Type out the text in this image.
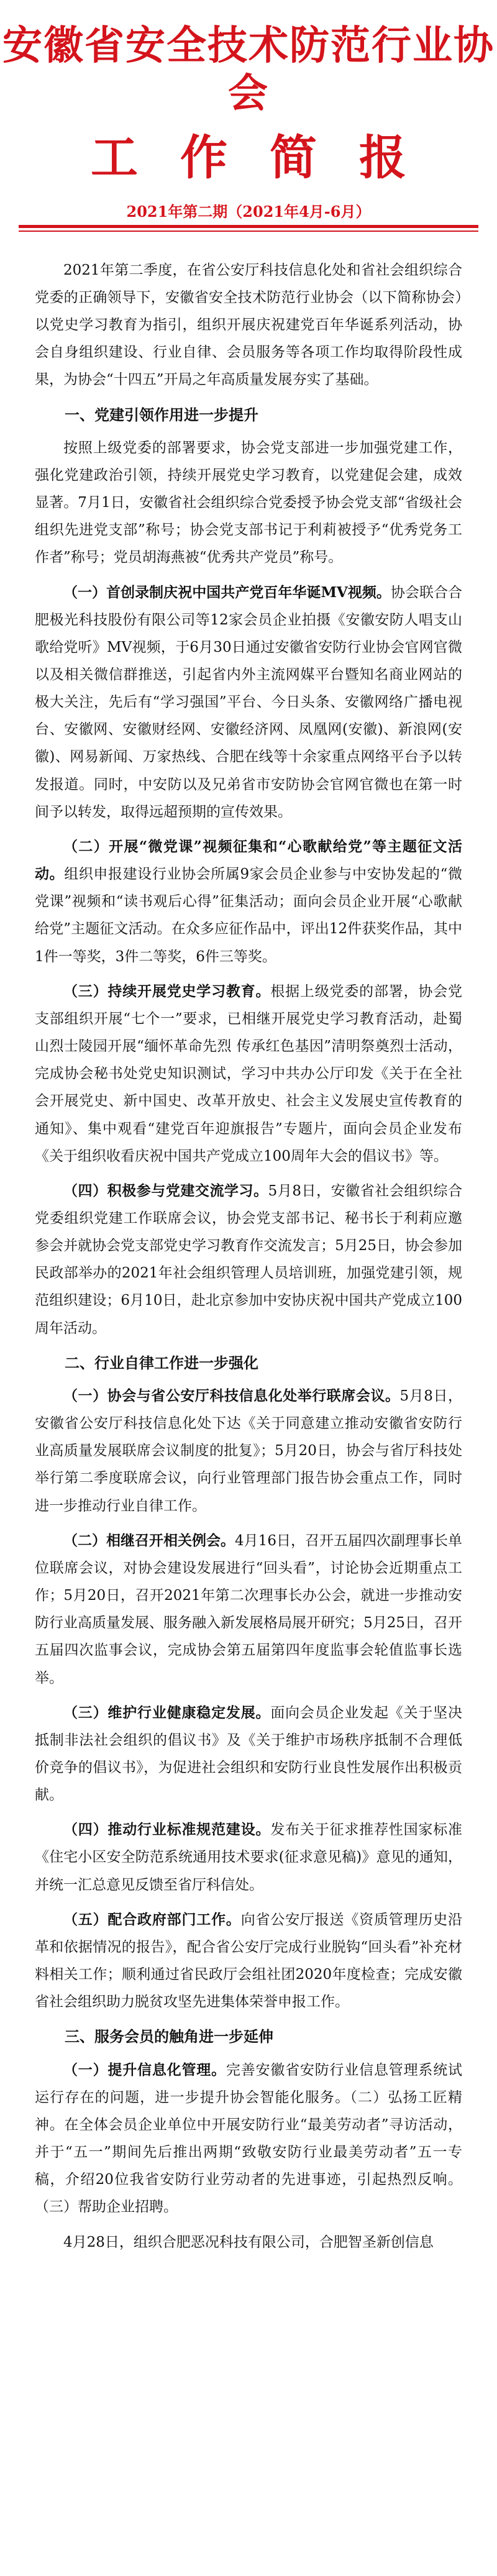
安徽省安全技术防范行业协会
工 作 简 报
2021年第二期（2021年4月-6月）

2021年第二季度，在省公安厅科技信息化处和省社会组织综合党委的正确领导下，安徽省安全技术防范行业协会（以下简称协会）以党史学习教育为指引，组织开展庆祝建党百年华诞系列活动，协会自身组织建设、行业自律、会员服务等各项工作均取得阶段性成果，为协会“十四五”开局之年高质量发展夯实了基础。

一、党建引领作用进一步提升

按照上级党委的部署要求，协会党支部进一步加强党建工作，强化党建政治引领，持续开展党史学习教育，以党建促会建，成效显著。7月1日，安徽省社会组织综合党委授予协会党支部“省级社会组织先进党支部”称号；协会党支部书记于利莉被授予“优秀党务工作者”称号；党员胡海燕被“优秀共产党员”称号。

（一）首创录制庆祝中国共产党百年华诞MV视频。协会联合合肥极光科技股份有限公司等12家会员企业拍摄《安徽安防人唱支山歌给党听》MV视频，于6月30日通过安徽省安防行业协会官网官微以及相关微信群推送，引起省内外主流网媒平台暨知名商业网站的极大关注，先后有“学习强国”平台、今日头条、安徽网络广播电视台、安徽网、安徽财经网、安徽经济网、凤凰网(安徽)、新浪网(安徽)、网易新闻、万家热线、合肥在线等十余家重点网络平台予以转发报道。同时，中安防以及兄弟省市安防协会官网官微也在第一时间予以转发，取得远超预期的宣传效果。

（二）开展“微党课”视频征集和“心歌献给党”等主题征文活动。组织申报建设行业协会所属9家会员企业参与中安协发起的“微党课”视频和“读书观后心得”征集活动；面向会员企业开展“心歌献给党”主题征文活动。在众多应征作品中，评出12件获奖作品，其中1件一等奖，3件二等奖，6件三等奖。

（三）持续开展党史学习教育。根据上级党委的部署，协会党支部组织开展“七个一”要求，已相继开展党史学习教育活动，赴蜀山烈士陵园开展“缅怀革命先烈 传承红色基因”清明祭奠烈士活动，完成协会秘书处党史知识测试，学习中共办公厅印发《关于在全社会开展党史、新中国史、改革开放史、社会主义发展史宣传教育的通知》、集中观看“建党百年迎旗报告”专题片，面向会员企业发布《关于组织收看庆祝中国共产党成立100周年大会的倡议书》等。

（四）积极参与党建交流学习。5月8日，安徽省社会组织综合党委组织党建工作联席会议，协会党支部书记、秘书长于利莉应邀参会并就协会党支部党史学习教育作交流发言；5月25日，协会参加民政部举办的2021年社会组织管理人员培训班，加强党建引领，规范组织建设；6月10日，赴北京参加中安协庆祝中国共产党成立100周年活动。

二、行业自律工作进一步强化

（一）协会与省公安厅科技信息化处举行联席会议。5月8日，安徽省公安厅科技信息化处下达《关于同意建立推动安徽省安防行业高质量发展联席会议制度的批复》；5月20日，协会与省厅科技处举行第二季度联席会议，向行业管理部门报告协会重点工作，同时进一步推动行业自律工作。

（二）相继召开相关例会。4月16日，召开五届四次副理事长单位联席会议，对协会建设发展进行“回头看”，讨论协会近期重点工作；5月20日，召开2021年第二次理事长办公会，就进一步推动安防行业高质量发展、服务融入新发展格局展开研究；5月25日，召开五届四次监事会议，完成协会第五届第四年度监事会轮值监事长选举。

（三）维护行业健康稳定发展。面向会员企业发起《关于坚决抵制非法社会组织的倡议书》及《关于维护市场秩序抵制不合理低价竞争的倡议书》，为促进社会组织和安防行业良性发展作出积极贡献。

（四）推动行业标准规范建设。发布关于征求推荐性国家标准《住宅小区安全防范系统通用技术要求(征求意见稿)》意见的通知，并统一汇总意见反馈至省厅科信处。

（五）配合政府部门工作。向省公安厅报送《资质管理历史沿革和依据情况的报告》，配合省公安厅完成行业脱钩“回头看”补充材料相关工作；顺利通过省民政厅会组社团2020年度检查；完成安徽省社会组织助力脱贫攻坚先进集体荣誉申报工作。

三、服务会员的触角进一步延伸

（一）提升信息化管理。完善安徽省安防行业信息管理系统试运行存在的问题，进一步提升协会智能化服务。（二）弘扬工匠精神。在全体会员企业单位中开展安防行业“最美劳动者”寻访活动，并于“五一”期间先后推出两期“致敬安防行业最美劳动者”五一专稿，介绍20位我省安防行业劳动者的先进事迹，引起热烈反响。（三）帮助企业招聘。

4月28日，组织合肥恶况科技有限公司，合肥智圣新创信息
